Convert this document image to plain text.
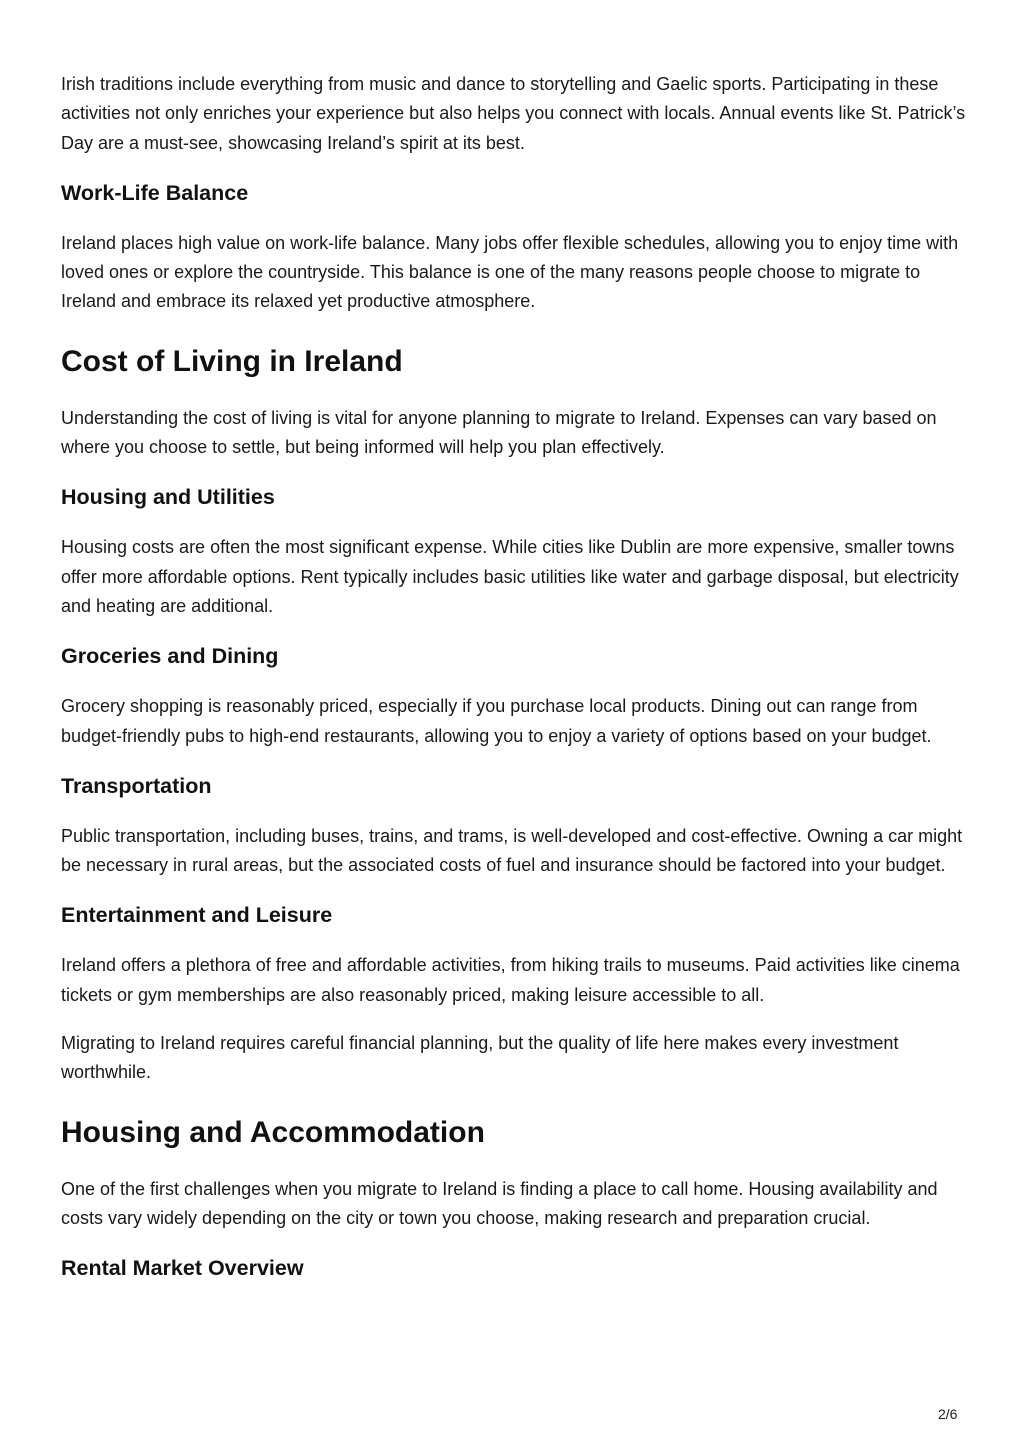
Irish traditions include everything from music and dance to storytelling and Gaelic sports. Participating in these activities not only enriches your experience but also helps you connect with locals. Annual events like St. Patrick’s Day are a must-see, showcasing Ireland’s spirit at its best.

Work-Life Balance

Ireland places high value on work-life balance. Many jobs offer flexible schedules, allowing you to enjoy time with loved ones or explore the countryside. This balance is one of the many reasons people choose to migrate to Ireland and embrace its relaxed yet productive atmosphere.

Cost of Living in Ireland

Understanding the cost of living is vital for anyone planning to migrate to Ireland. Expenses can vary based on where you choose to settle, but being informed will help you plan effectively.

Housing and Utilities

Housing costs are often the most significant expense. While cities like Dublin are more expensive, smaller towns offer more affordable options. Rent typically includes basic utilities like water and garbage disposal, but electricity and heating are additional.

Groceries and Dining

Grocery shopping is reasonably priced, especially if you purchase local products. Dining out can range from budget-friendly pubs to high-end restaurants, allowing you to enjoy a variety of options based on your budget.

Transportation

Public transportation, including buses, trains, and trams, is well-developed and cost-effective. Owning a car might be necessary in rural areas, but the associated costs of fuel and insurance should be factored into your budget.

Entertainment and Leisure

Ireland offers a plethora of free and affordable activities, from hiking trails to museums. Paid activities like cinema tickets or gym memberships are also reasonably priced, making leisure accessible to all.

Migrating to Ireland requires careful financial planning, but the quality of life here makes every investment worthwhile.

Housing and Accommodation

One of the first challenges when you migrate to Ireland is finding a place to call home. Housing availability and costs vary widely depending on the city or town you choose, making research and preparation crucial.

Rental Market Overview
2/6
